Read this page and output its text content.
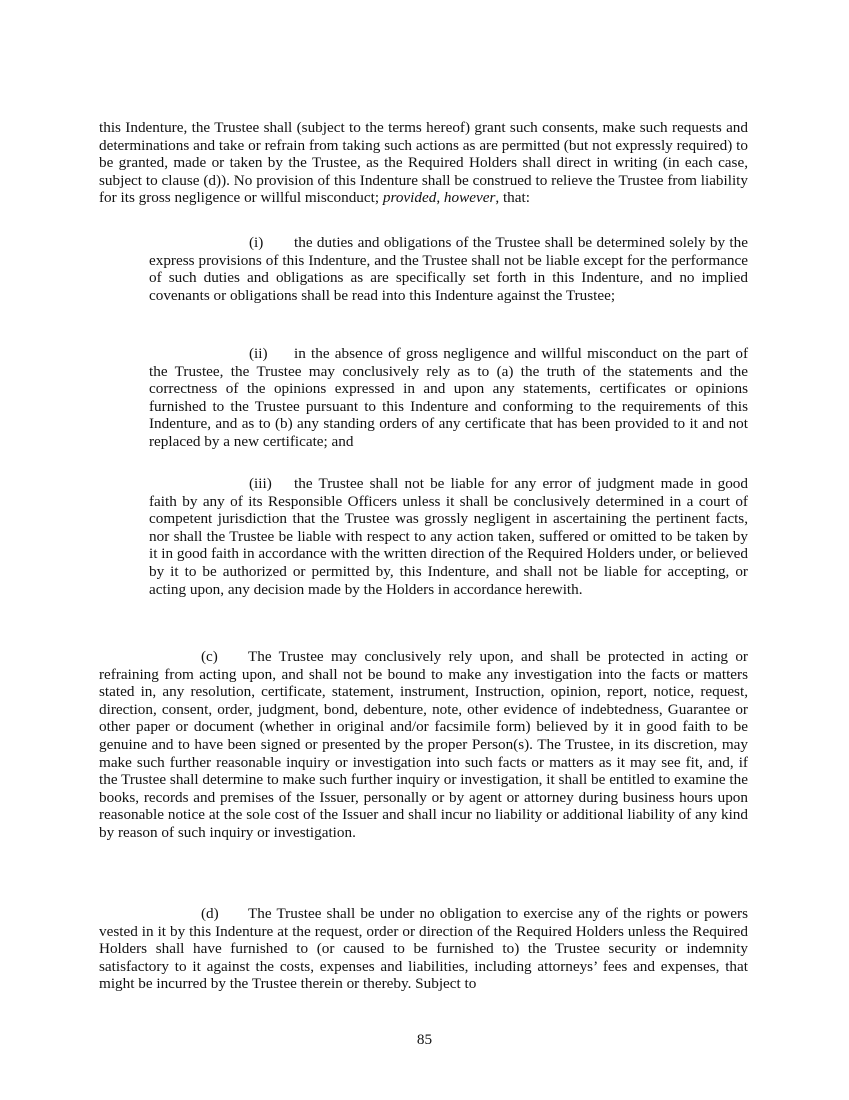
this Indenture, the Trustee shall (subject to the terms hereof) grant such consents, make such requests and determinations and take or refrain from taking such actions as are permitted (but not expressly required) to be granted, made or taken by the Trustee, as the Required Holders shall direct in writing (in each case, subject to clause (d)). No provision of this Indenture shall be construed to relieve the Trustee from liability for its gross negligence or willful misconduct; provided, however, that:

(i) the duties and obligations of the Trustee shall be determined solely by the express provisions of this Indenture, and the Trustee shall not be liable except for the performance of such duties and obligations as are specifically set forth in this Indenture, and no implied covenants or obligations shall be read into this Indenture against the Trustee;

(ii) in the absence of gross negligence and willful misconduct on the part of the Trustee, the Trustee may conclusively rely as to (a) the truth of the statements and the correctness of the opinions expressed in and upon any statements, certificates or opinions furnished to the Trustee pursuant to this Indenture and conforming to the requirements of this Indenture, and as to (b) any standing orders of any certificate that has been provided to it and not replaced by a new certificate; and

(iii) the Trustee shall not be liable for any error of judgment made in good faith by any of its Responsible Officers unless it shall be conclusively determined in a court of competent jurisdiction that the Trustee was grossly negligent in ascertaining the pertinent facts, nor shall the Trustee be liable with respect to any action taken, suffered or omitted to be taken by it in good faith in accordance with the written direction of the Required Holders under, or believed by it to be authorized or permitted by, this Indenture, and shall not be liable for accepting, or acting upon, any decision made by the Holders in accordance herewith.

(c) The Trustee may conclusively rely upon, and shall be protected in acting or refraining from acting upon, and shall not be bound to make any investigation into the facts or matters stated in, any resolution, certificate, statement, instrument, Instruction, opinion, report, notice, request, direction, consent, order, judgment, bond, debenture, note, other evidence of indebtedness, Guarantee or other paper or document (whether in original and/or facsimile form) believed by it in good faith to be genuine and to have been signed or presented by the proper Person(s). The Trustee, in its discretion, may make such further reasonable inquiry or investigation into such facts or matters as it may see fit, and, if the Trustee shall determine to make such further inquiry or investigation, it shall be entitled to examine the books, records and premises of the Issuer, personally or by agent or attorney during business hours upon reasonable notice at the sole cost of the Issuer and shall incur no liability or additional liability of any kind by reason of such inquiry or investigation.

(d) The Trustee shall be under no obligation to exercise any of the rights or powers vested in it by this Indenture at the request, order or direction of the Required Holders unless the Required Holders shall have furnished to (or caused to be furnished to) the Trustee security or indemnity satisfactory to it against the costs, expenses and liabilities, including attorneys’ fees and expenses, that might be incurred by the Trustee therein or thereby. Subject to

85
